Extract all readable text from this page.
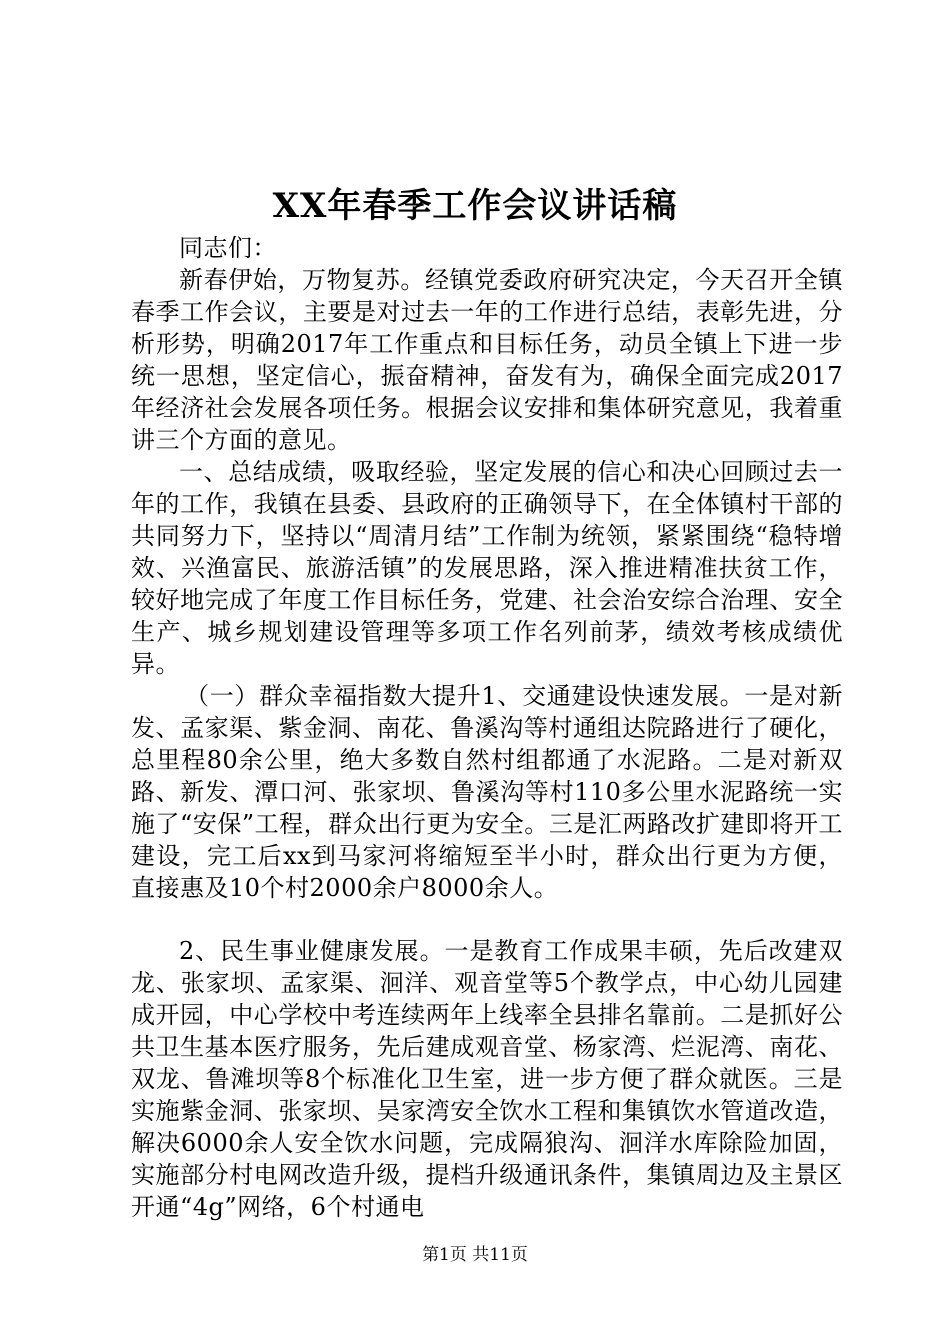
XX年春季工作会议讲话稿

同志们：

新春伊始，万物复苏。经镇党委政府研究决定，今天召开全镇春季工作会议，主要是对过去一年的工作进行总结，表彰先进，分析形势，明确2017年工作重点和目标任务，动员全镇上下进一步统一思想，坚定信心，振奋精神，奋发有为，确保全面完成2017年经济社会发展各项任务。根据会议安排和集体研究意见，我着重讲三个方面的意见。

一、总结成绩，吸取经验，坚定发展的信心和决心回顾过去一年的工作，我镇在县委、县政府的正确领导下，在全体镇村干部的共同努力下，坚持以“周清月结”工作制为统领，紧紧围绕“稳特增效、兴渔富民、旅游活镇”的发展思路，深入推进精准扶贫工作，较好地完成了年度工作目标任务，党建、社会治安综合治理、安全生产、城乡规划建设管理等多项工作名列前茅，绩效考核成绩优异。

（一）群众幸福指数大提升1、交通建设快速发展。一是对新发、孟家渠、紫金洞、南花、鲁溪沟等村通组达院路进行了硬化，总里程80余公里，绝大多数自然村组都通了水泥路。二是对新双路、新发、潭口河、张家坝、鲁溪沟等村110多公里水泥路统一实施了“安保”工程，群众出行更为安全。三是汇两路改扩建即将开工建设，完工后xx到马家河将缩短至半小时，群众出行更为方便，直接惠及10个村2000余户8000余人。

2、民生事业健康发展。一是教育工作成果丰硕，先后改建双龙、张家坝、孟家渠、洄洋、观音堂等5个教学点，中心幼儿园建成开园，中心学校中考连续两年上线率全县排名靠前。二是抓好公共卫生基本医疗服务，先后建成观音堂、杨家湾、烂泥湾、南花、双龙、鲁滩坝等8个标准化卫生室，进一步方便了群众就医。三是实施紫金洞、张家坝、吴家湾安全饮水工程和集镇饮水管道改造，解决6000余人安全饮水问题，完成隔狼沟、洄洋水库除险加固，实施部分村电网改造升级，提档升级通讯条件，集镇周边及主景区开通“4g”网络，6个村通电

第1页 共11页
